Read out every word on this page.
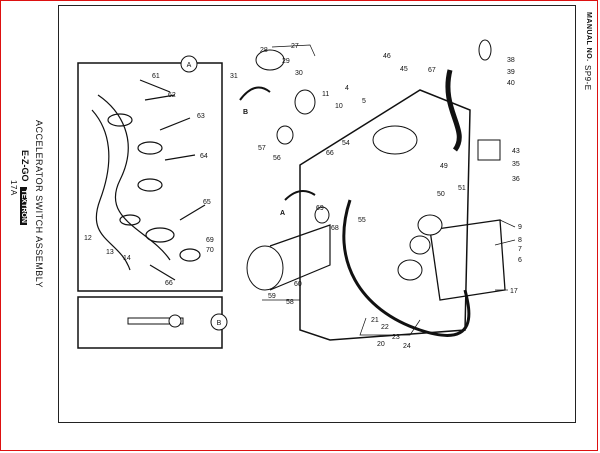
ACCELERATOR SWITCH ASSEMBLY
E-Z-GO TEXTRON
17A
MANUAL NO.
SP9-E
A
B
B
A
61
62
63
64
65
69
70
66
12
13
14
27
28
29
30
31
4
5
10
11
46
45	67
38
39
40
43
35
36
57
56
54
66
49
50
51
55
69
68	9
8
7
6
17
60
59
58
21
22
23
24
20
